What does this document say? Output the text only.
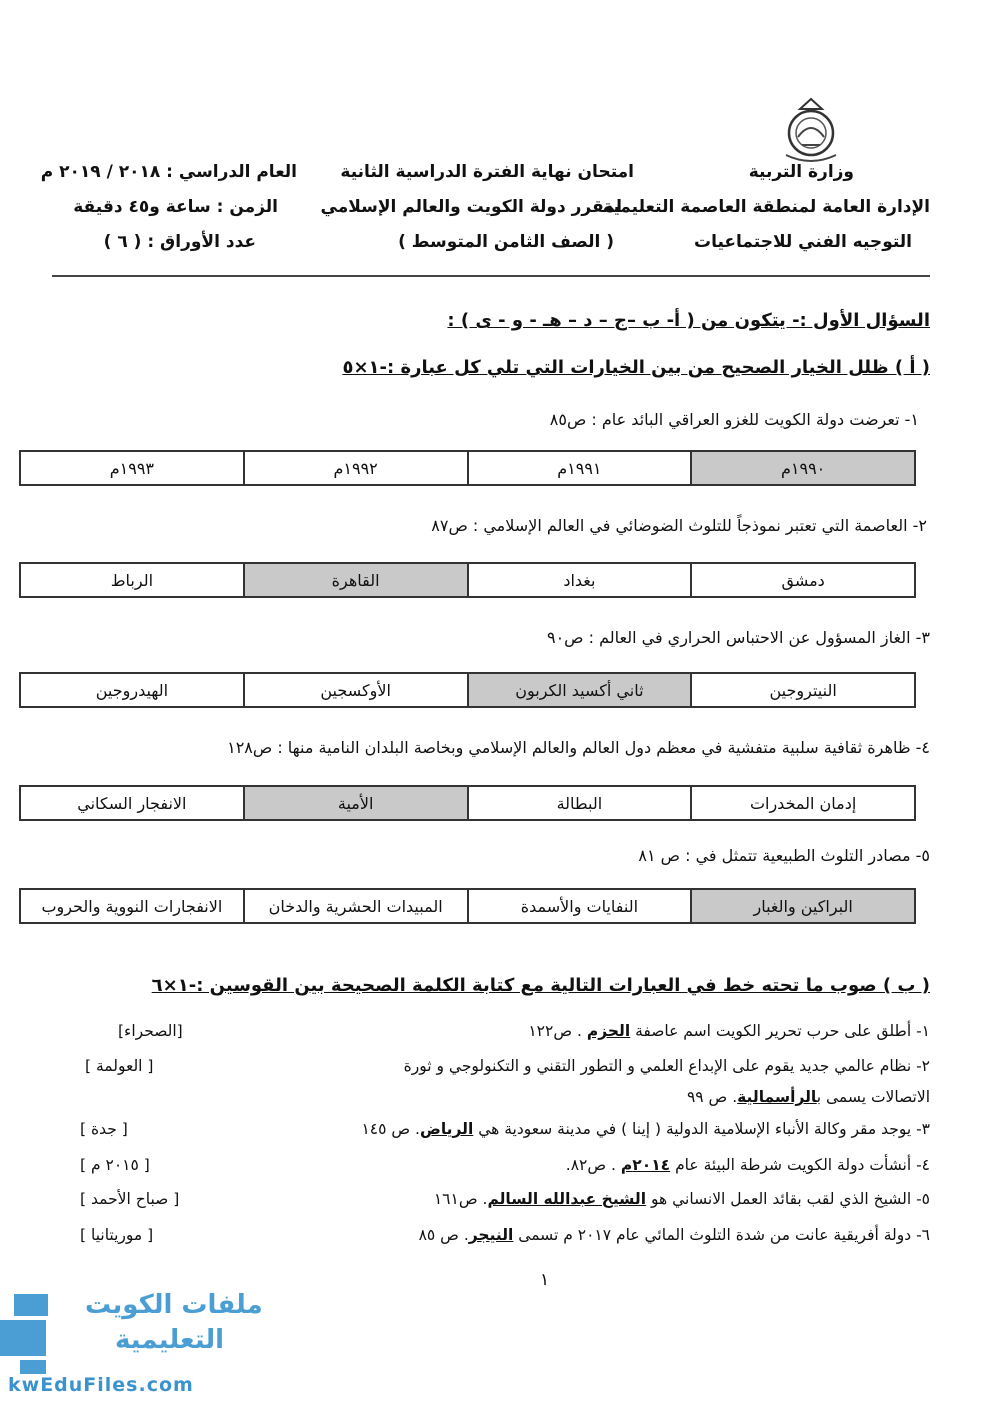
وزارة التربية
الإدارة العامة لمنطقة العاصمة التعليمية
التوجيه الفني للاجتماعيات
امتحان نهاية الفترة الدراسية الثانية
لمقرر دولة الكويت والعالم الإسلامي
( الصف الثامن المتوسط )
العام الدراسي : ٢٠١٨ / ٢٠١٩ م
الزمن : ساعة و٤٥ دقيقة
عدد الأوراق : ( ٦ )
السؤال الأول :- يتكون من ( أ- ب –ج – د – هـ - و - ى ) :
( أ ) ظلل الخيار الصحيح من بين الخيارات التي تلي كل عبارة :-١×٥
١- تعرضت دولة الكويت للغزو العراقي البائد عام : ص٨٥
١٩٩٠م
١٩٩١م
١٩٩٢م
١٩٩٣م
٢- العاصمة التي تعتبر نموذجاً للتلوث الضوضائي في العالم الإسلامي : ص٨٧
دمشق
بغداد
القاهرة
الرباط
٣- الغاز المسؤول عن الاحتباس الحراري في العالم : ص٩٠
النيتروجين
ثاني أكسيد الكربون
الأوكسجين
الهيدروجين
٤- ظاهرة ثقافية سلبية متفشية في معظم دول العالم والعالم الإسلامي وبخاصة البلدان النامية منها : ص١٢٨
إدمان المخدرات
البطالة
الأمية
الانفجار السكاني
٥- مصادر التلوث الطبيعية تتمثل في : ص ٨١
البراكين والغبار
النفايات والأسمدة
المبيدات الحشرية والدخان
الانفجارات النووية والحروب
( ب ) صوب ما تحته خط في العبارات التالية مع كتابة الكلمة الصحيحة بين القوسين :-١×٦
١- أطلق على حرب تحرير الكويت اسم عاصفة الحزم . ص١٢٢
[الصحراء]
٢- نظام عالمي جديد يقوم على الإبداع العلمي و التطور التقني و التكنولوجي و ثورة
الاتصالات يسمى بالرأسمالية. ص ٩٩
[ العولمة ]
٣- يوجد مقر وكالة الأنباء الإسلامية الدولية ( إينا ) في مدينة سعودية هي الرياض. ص ١٤٥
[ جدة ]
٤- أنشأت دولة الكويت شرطة البيئة عام ٢٠١٤م . ص٨٢.
[ ٢٠١٥ م ]
٥- الشيخ الذي لقب بقائد العمل الانساني هو الشيخ عبدالله السالم. ص١٦١
[ صباح الأحمد ]
٦- دولة أفريقية عانت من شدة التلوث المائي عام ٢٠١٧ م تسمى النيجر. ص ٨٥
[ موريتانيا ]
١
ملفات الكويت
التعليمية
kwEduFiles.com
